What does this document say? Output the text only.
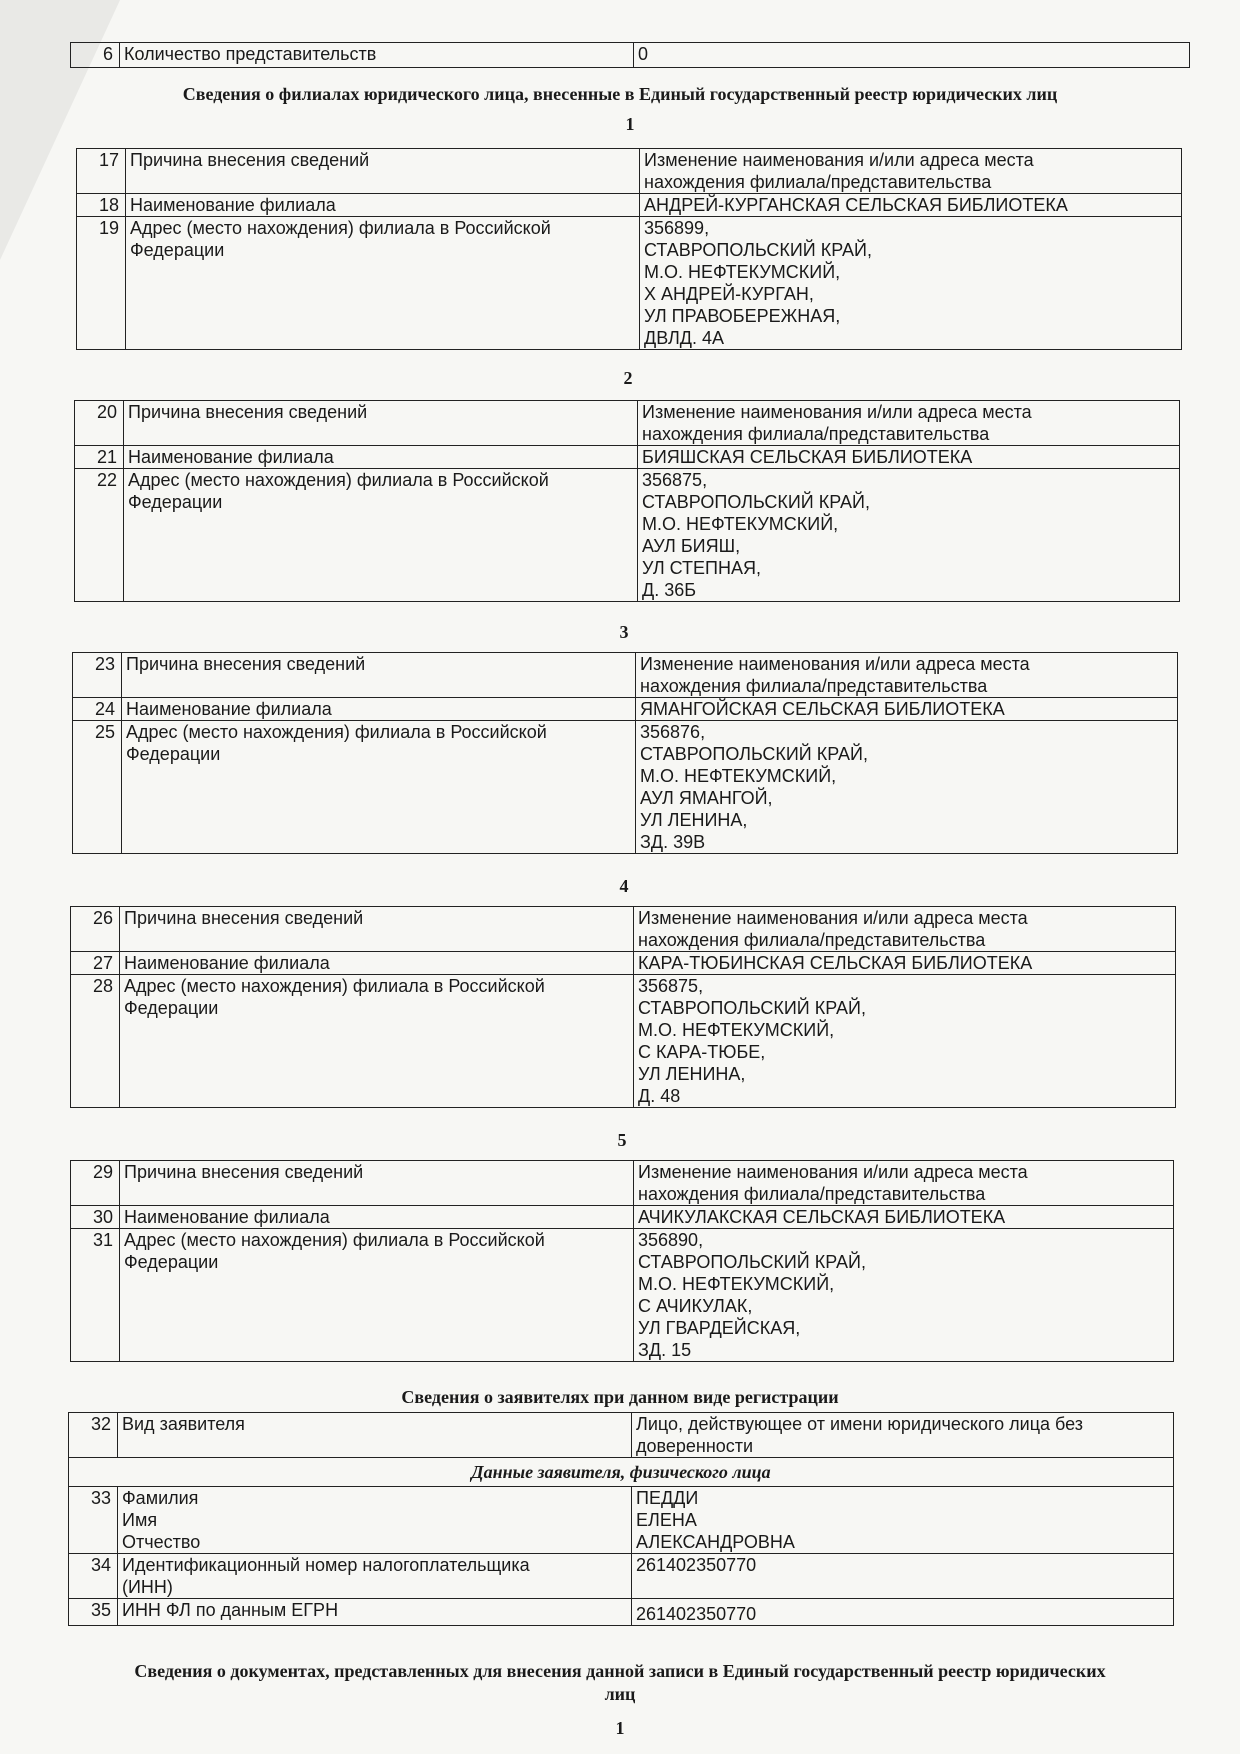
6	Количество представительств	0
Сведения о филиалах юридического лица, внесенные в Единый государственный реестр юридических лиц
1
17	Причина внесения сведений	Изменение наименования и/или адреса места
нахождения филиала/представительства
18	Наименование филиала	АНДРЕЙ-КУРГАНСКАЯ СЕЛЬСКАЯ БИБЛИОТЕКА
19	Адрес (место нахождения) филиала в Российской Федерации	356899,
СТАВРОПОЛЬСКИЙ КРАЙ,
М.О. НЕФТЕКУМСКИЙ,
Х АНДРЕЙ-КУРГАН,
УЛ ПРАВОБЕРЕЖНАЯ,
ДВЛД. 4А
2
20	Причина внесения сведений	Изменение наименования и/или адреса места
нахождения филиала/представительства
21	Наименование филиала	БИЯШСКАЯ СЕЛЬСКАЯ БИБЛИОТЕКА
22	Адрес (место нахождения) филиала в Российской Федерации	356875,
СТАВРОПОЛЬСКИЙ КРАЙ,
М.О. НЕФТЕКУМСКИЙ,
АУЛ БИЯШ,
УЛ СТЕПНАЯ,
Д. 36Б
3
23	Причина внесения сведений	Изменение наименования и/или адреса места
нахождения филиала/представительства
24	Наименование филиала	ЯМАНГОЙСКАЯ СЕЛЬСКАЯ БИБЛИОТЕКА
25	Адрес (место нахождения) филиала в Российской Федерации	356876,
СТАВРОПОЛЬСКИЙ КРАЙ,
М.О. НЕФТЕКУМСКИЙ,
АУЛ ЯМАНГОЙ,
УЛ ЛЕНИНА,
ЗД. 39В
4
26	Причина внесения сведений	Изменение наименования и/или адреса места
нахождения филиала/представительства
27	Наименование филиала	КАРА-ТЮБИНСКАЯ СЕЛЬСКАЯ БИБЛИОТЕКА
28	Адрес (место нахождения) филиала в Российской Федерации	356875,
СТАВРОПОЛЬСКИЙ КРАЙ,
М.О. НЕФТЕКУМСКИЙ,
С КАРА-ТЮБЕ,
УЛ ЛЕНИНА,
Д. 48
5
29	Причина внесения сведений	Изменение наименования и/или адреса места
нахождения филиала/представительства
30	Наименование филиала	АЧИКУЛАКСКАЯ СЕЛЬСКАЯ БИБЛИОТЕКА
31	Адрес (место нахождения) филиала в Российской Федерации	356890,
СТАВРОПОЛЬСКИЙ КРАЙ,
М.О. НЕФТЕКУМСКИЙ,
С АЧИКУЛАК,
УЛ ГВАРДЕЙСКАЯ,
ЗД. 15
Сведения о заявителях при данном виде регистрации
32	Вид заявителя	Лицо, действующее от имени юридического лица без
доверенности
Данные заявителя, физического лица
33	Фамилия
Имя
Отчество	ПЕДДИ
ЕЛЕНА
АЛЕКСАНДРОВНА
34	Идентификационный номер налогоплательщика
(ИНН)	261402350770
35	ИНН ФЛ по данным ЕГРН	261402350770
Сведения о документах, представленных для внесения данной записи в Единый государственный реестр юридических
лиц
1
